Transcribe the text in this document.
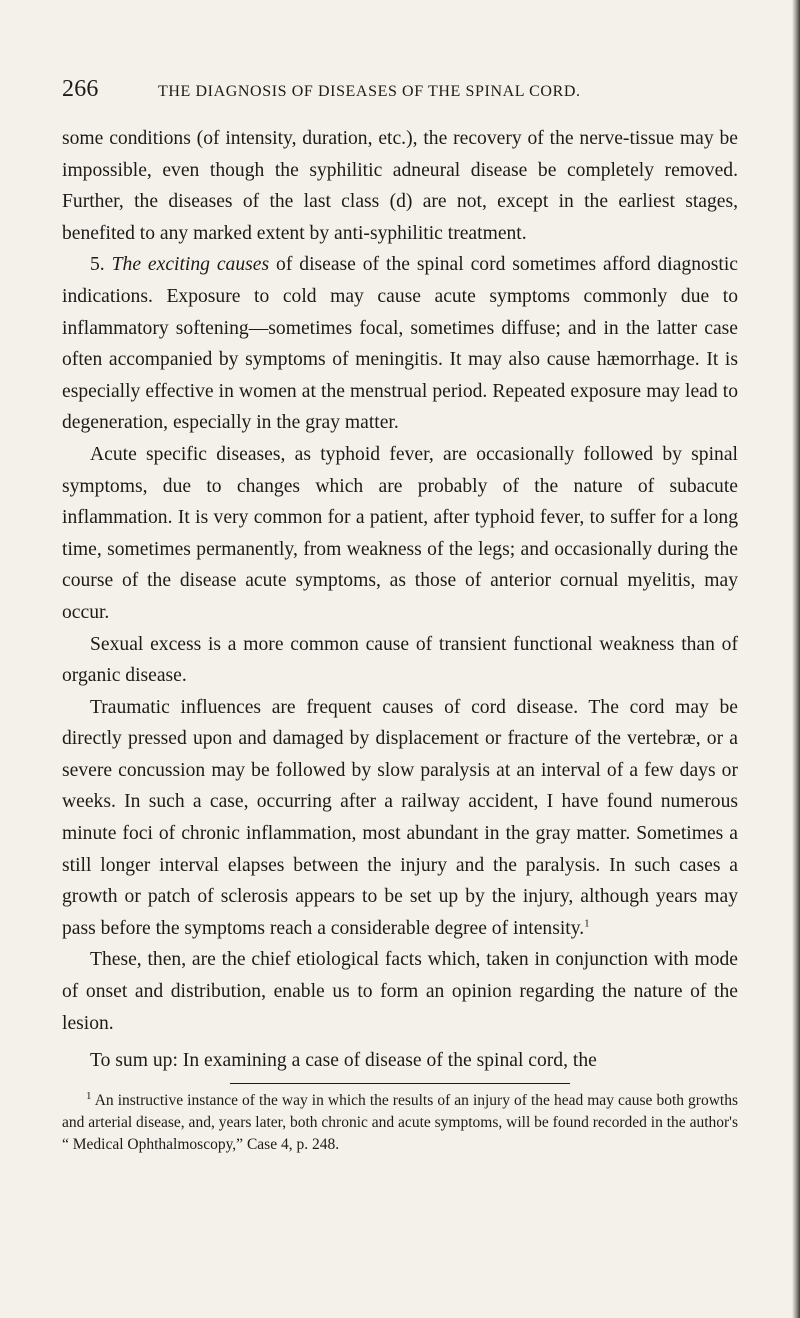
266	THE DIAGNOSIS OF DISEASES OF THE SPINAL CORD.

some conditions (of intensity, duration, etc.), the recovery of the nerve-tissue may be impossible, even though the syphilitic adneural disease be completely removed. Further, the diseases of the last class (d) are not, except in the earliest stages, benefited to any marked extent by anti-syphilitic treatment.

5. The exciting causes of disease of the spinal cord sometimes afford diagnostic indications. Exposure to cold may cause acute symptoms commonly due to inflammatory softening—sometimes focal, sometimes diffuse; and in the latter case often accompanied by symptoms of meningitis. It may also cause hæmorrhage. It is especially effective in women at the menstrual period. Repeated exposure may lead to degeneration, especially in the gray matter.

Acute specific diseases, as typhoid fever, are occasionally followed by spinal symptoms, due to changes which are probably of the nature of subacute inflammation. It is very common for a patient, after typhoid fever, to suffer for a long time, sometimes permanently, from weakness of the legs; and occasionally during the course of the disease acute symptoms, as those of anterior cornual myelitis, may occur.

Sexual excess is a more common cause of transient functional weakness than of organic disease.

Traumatic influences are frequent causes of cord disease. The cord may be directly pressed upon and damaged by displacement or fracture of the vertebræ, or a severe concussion may be followed by slow paralysis at an interval of a few days or weeks. In such a case, occurring after a railway accident, I have found numerous minute foci of chronic inflammation, most abundant in the gray matter. Sometimes a still longer interval elapses between the injury and the paralysis. In such cases a growth or patch of sclerosis appears to be set up by the injury, although years may pass before the symptoms reach a considerable degree of intensity.$^1$

These, then, are the chief etiological facts which, taken in conjunction with mode of onset and distribution, enable us to form an opinion regarding the nature of the lesion.

To sum up: In examining a case of disease of the spinal cord, the

$^1$ An instructive instance of the way in which the results of an injury of the head may cause both growths and arterial disease, and, years later, both chronic and acute symptoms, will be found recorded in the author's “ Medical Ophthalmoscopy,” Case 4, p. 248.
